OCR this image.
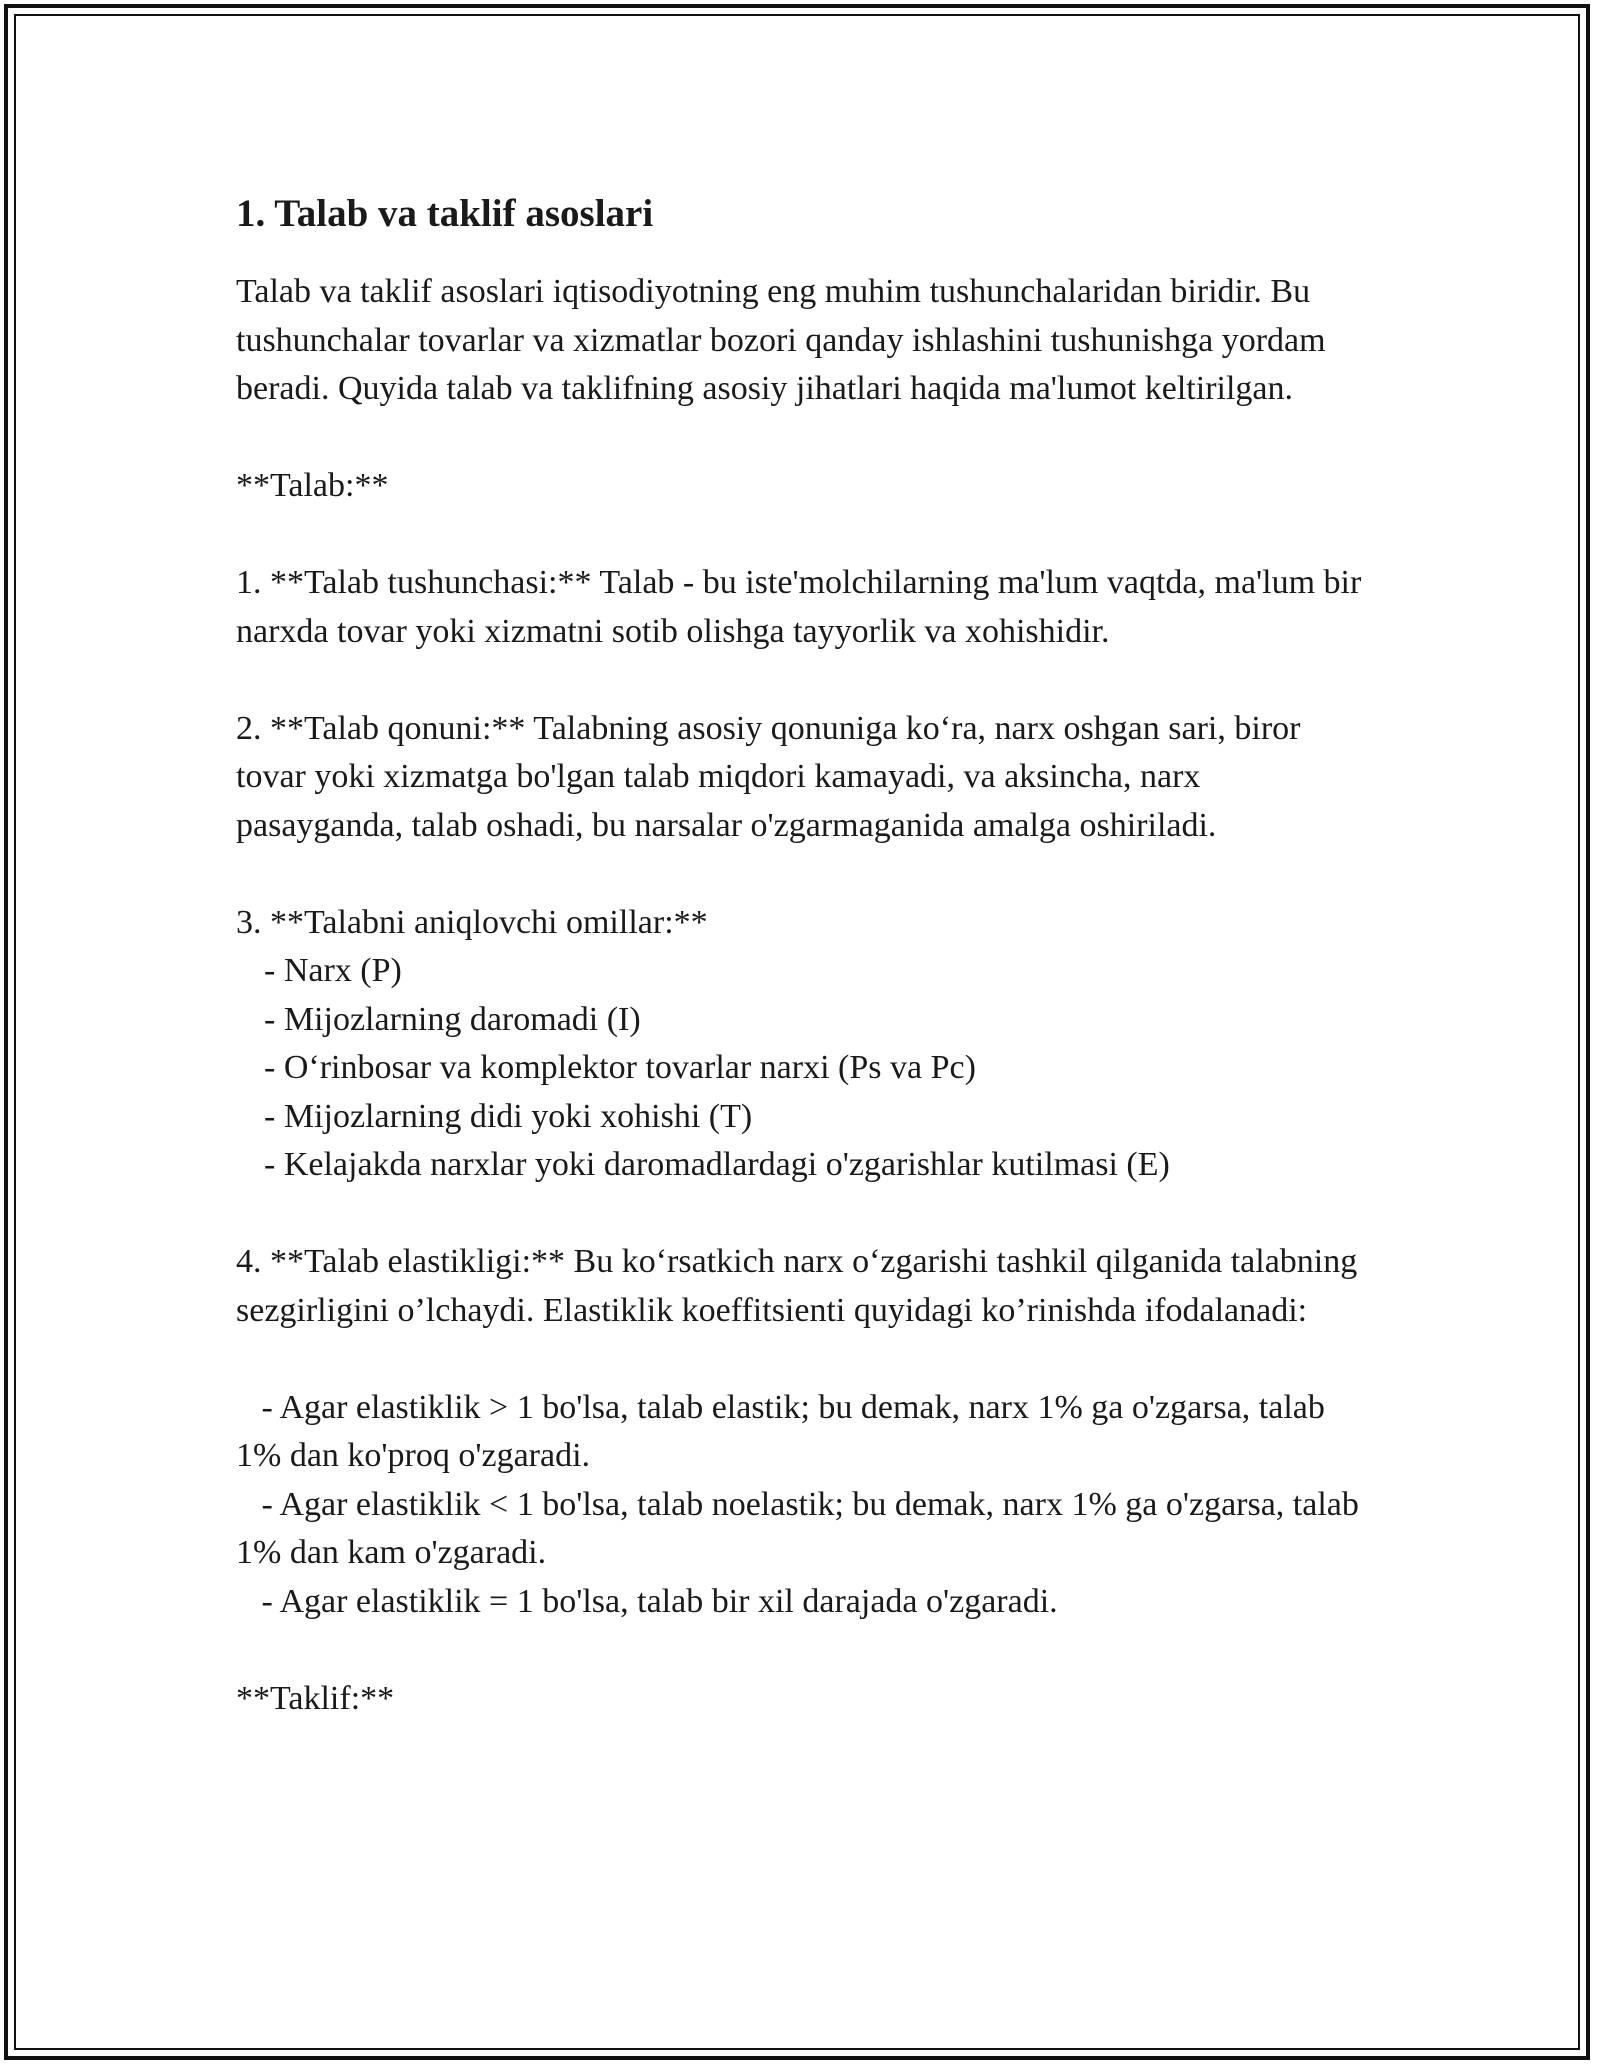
1. Talab va taklif asoslari

Talab va taklif asoslari iqtisodiyotning eng muhim tushunchalaridan biridir. Bu tushunchalar tovarlar va xizmatlar bozori qanday ishlashini tushunishga yordam beradi. Quyida talab va taklifning asosiy jihatlari haqida ma'lumot keltirilgan.

**Talab:**

1. **Talab tushunchasi:** Talab - bu iste'molchilarning ma'lum vaqtda, ma'lum bir narxda tovar yoki xizmatni sotib olishga tayyorlik va xohishidir.

2. **Talab qonuni:** Talabning asosiy qonuniga ko‘ra, narx oshgan sari, biror tovar yoki xizmatga bo'lgan talab miqdori kamayadi, va aksincha, narx pasayganda, talab oshadi, bu narsalar o'zgarmaganida amalga oshiriladi.

3. **Talabni aniqlovchi omillar:**

- Narx (P)

- Mijozlarning daromadi (I)

- O‘rinbosar va komplektor tovarlar narxi (Ps va Pc)

- Mijozlarning didi yoki xohishi (T)

- Kelajakda narxlar yoki daromadlardagi o'zgarishlar kutilmasi (E)

4. **Talab elastikligi:** Bu ko‘rsatkich narx o‘zgarishi tashkil qilganida talabning sezgirligini o’lchaydi. Elastiklik koeffitsienti quyidagi ko’rinishda ifodalanadi:

- Agar elastiklik > 1 bo'lsa, talab elastik; bu demak, narx 1% ga o'zgarsa, talab 1% dan ko'proq o'zgaradi.

- Agar elastiklik < 1 bo'lsa, talab noelastik; bu demak, narx 1% ga o'zgarsa, talab 1% dan kam o'zgaradi.

- Agar elastiklik = 1 bo'lsa, talab bir xil darajada o'zgaradi.

**Taklif:**
